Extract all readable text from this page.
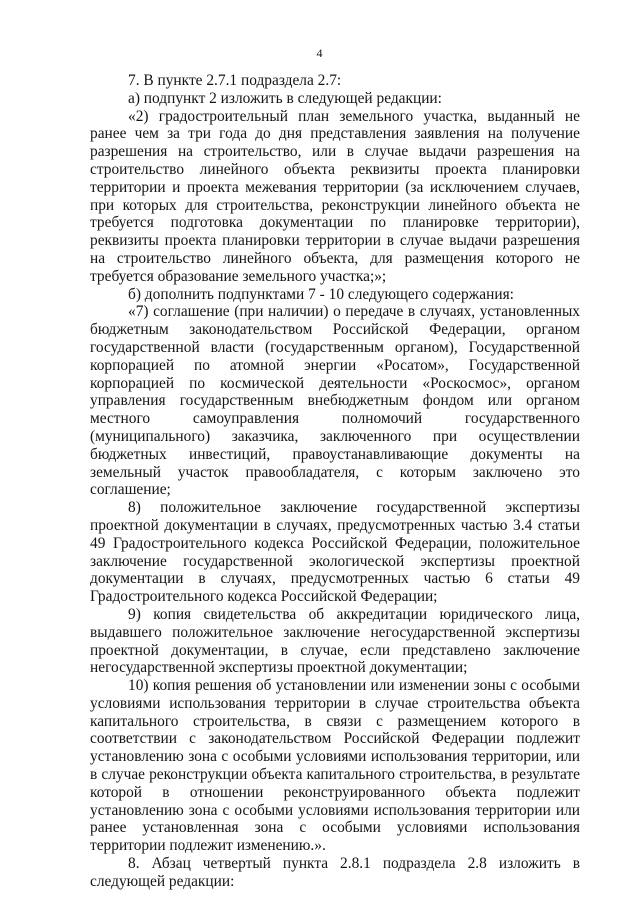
4

7. В пункте 2.7.1 подраздела 2.7:

а) подпункт 2 изложить в следующей редакции:

«2) градостроительный план земельного участка, выданный не ранее чем за три года до дня представления заявления на получение разрешения на строительство, или в случае выдачи разрешения на строительство линейного объекта реквизиты проекта планировки территории и проекта межевания территории (за исключением случаев, при которых для строительства, реконструкции линейного объекта не требуется подготовка документации по планировке территории), реквизиты проекта планировки территории в случае выдачи разрешения на строительство линейного объекта, для размещения которого не требуется образование земельного участка;»;

б) дополнить подпунктами 7 - 10 следующего содержания:

«7) соглашение (при наличии) о передаче в случаях, установленных бюджетным законодательством Российской Федерации, органом государственной власти (государственным органом), Государственной корпорацией по атомной энергии «Росатом», Государственной корпорацией по космической деятельности «Роскосмос», органом управления государственным внебюджетным фондом или органом местного самоуправления полномочий государственного (муниципального) заказчика, заключенного при осуществлении бюджетных инвестиций, правоустанавливающие документы на земельный участок правообладателя, с которым заключено это соглашение;

8) положительное заключение государственной экспертизы проектной документации в случаях, предусмотренных частью 3.4 статьи 49 Градостроительного кодекса Российской Федерации, положительное заключение государственной экологической экспертизы проектной документации в случаях, предусмотренных частью 6 статьи 49 Градостроительного кодекса Российской Федерации;

9) копия свидетельства об аккредитации юридического лица, выдавшего положительное заключение негосударственной экспертизы проектной документации, в случае, если представлено заключение негосударственной экспертизы проектной документации;

10) копия решения об установлении или изменении зоны с особыми условиями использования территории в случае строительства объекта капитального строительства, в связи с размещением которого в соответствии с законодательством Российской Федерации подлежит установлению зона с особыми условиями использования территории, или в случае реконструкции объекта капитального строительства, в результате которой в отношении реконструированного объекта подлежит установлению зона с особыми условиями использования территории или ранее установленная зона с особыми условиями использования территории подлежит изменению.».

8. Абзац четвертый пункта 2.8.1 подраздела 2.8 изложить в следующей редакции:
